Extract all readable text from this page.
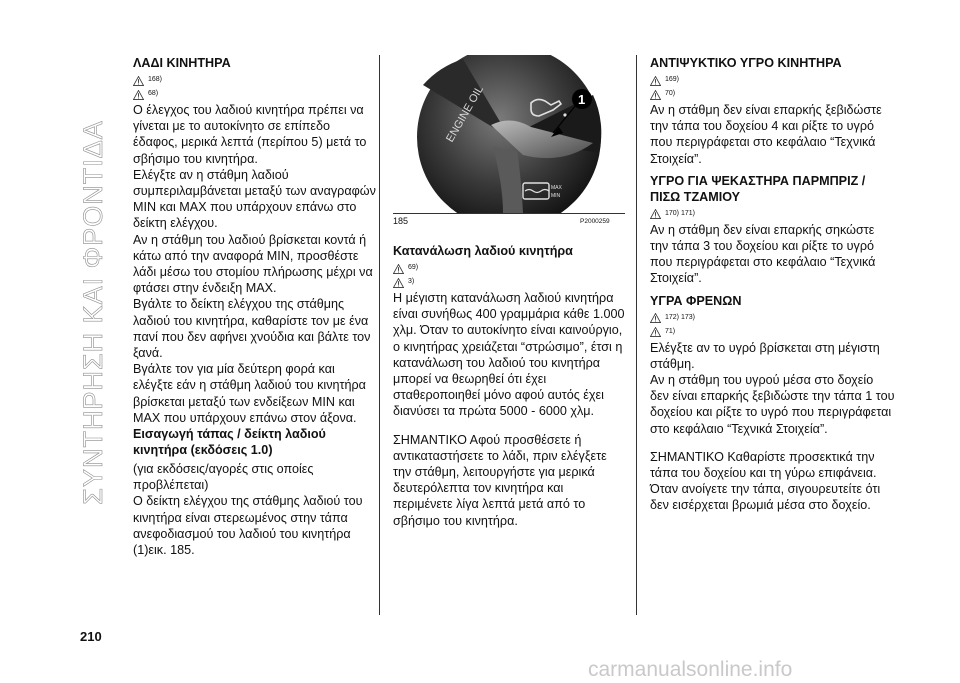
ΣΥΝΤΗΡΗΣΗ ΚΑΙ ΦΡΟΝΤΙΔΑ
ΛΑΔΙ ΚΙΝΗΤΗΡΑ
168)
68)

Ο έλεγχος του λαδιού κινητήρα πρέπει να γίνεται με το αυτοκίνητο σε επίπεδο έδαφος, μερικά λεπτά (περίπου 5) μετά το σβήσιμο του κινητήρα.

Ελέγξτε αν η στάθμη λαδιού συμπεριλαμβάνεται μεταξύ των αναγραφών MIN και MAX που υπάρχουν επάνω στο δείκτη ελέγχου.

Αν η στάθμη του λαδιού βρίσκεται κοντά ή κάτω από την αναφορά MIN, προσθέστε λάδι μέσω του στομίου πλήρωσης μέχρι να φτάσει στην ένδειξη MAX.

Βγάλτε το δείκτη ελέγχου της στάθμης λαδιού του κινητήρα, καθαρίστε τον με ένα πανί που δεν αφήνει χνούδια και βάλτε τον ξανά.

Βγάλτε τον για μία δεύτερη φορά και ελέγξτε εάν η στάθμη λαδιού του κινητήρα βρίσκεται μεταξύ των ενδείξεων MIN και MAX που υπάρχουν επάνω στον άξονα.

Εισαγωγή τάπας / δείκτη λαδιού κινητήρα (εκδόσεις 1.0)

(για εκδόσεις/αγορές στις οποίες προβλέπεται)

Ο δείκτη ελέγχου της στάθμης λαδιού του κινητήρα είναι στερεωμένος στην τάπα ανεφοδιασμού του λαδιού του κινητήρα (1)εικ. 185.

ENGINE OIL
MAX
MIN
1
185	P2000259
Κατανάλωση λαδιού κινητήρα
69)
3)

Η μέγιστη κατανάλωση λαδιού κινητήρα είναι συνήθως 400 γραμμάρια κάθε 1.000 χλμ. Όταν το αυτοκίνητο είναι καινούργιο, ο κινητήρας χρειάζεται “στρώσιμο”, έτσι η κατανάλωση του λαδιού του κινητήρα μπορεί να θεωρηθεί ότι έχει σταθεροποιηθεί μόνο αφού αυτός έχει διανύσει τα πρώτα 5000 - 6000 χλμ.

ΣΗΜΑΝΤΙΚΟ Αφού προσθέσετε ή αντικαταστήσετε το λάδι, πριν ελέγξετε την στάθμη, λειτουργήστε για μερικά δευτερόλεπτα τον κινητήρα και περιμένετε λίγα λεπτά μετά από το σβήσιμο του κινητήρα.

ΑΝΤΙΨΥΚΤΙΚΟ ΥΓΡΟ ΚΙΝΗΤΗΡΑ
169)
70)

Αν η στάθμη δεν είναι επαρκής ξεβιδώστε την τάπα του δοχείου 4 και ρίξτε το υγρό που περιγράφεται στο κεφάλαιο “Τεχνικά Στοιχεία”.

ΥΓΡΟ ΓΙΑ ΨΕΚΑΣΤΗΡΑ ΠΑΡΜΠΡΙΖ / ΠΙΣΩ ΤΖΑΜΙΟΥ
170) 171)

Αν η στάθμη δεν είναι επαρκής σηκώστε την τάπα 3 του δοχείου και ρίξτε το υγρό που περιγράφεται στο κεφάλαιο “Τεχνικά Στοιχεία”.

ΥΓΡΑ ΦΡΕΝΩΝ
172) 173)
71)

Ελέγξτε αν το υγρό βρίσκεται στη μέγιστη στάθμη.

Αν η στάθμη του υγρού μέσα στο δοχείο δεν είναι επαρκής ξεβιδώστε την τάπα 1 του δοχείου και ρίξτε το υγρό που περιγράφεται στο κεφάλαιο “Τεχνικά Στοιχεία”.

ΣΗΜΑΝΤΙΚΟ Καθαρίστε προσεκτικά την τάπα του δοχείου και τη γύρω επιφάνεια. Όταν ανοίγετε την τάπα, σιγουρευτείτε ότι δεν εισέρχεται βρωμιά μέσα στο δοχείο.

210
carmanualsonline.info
